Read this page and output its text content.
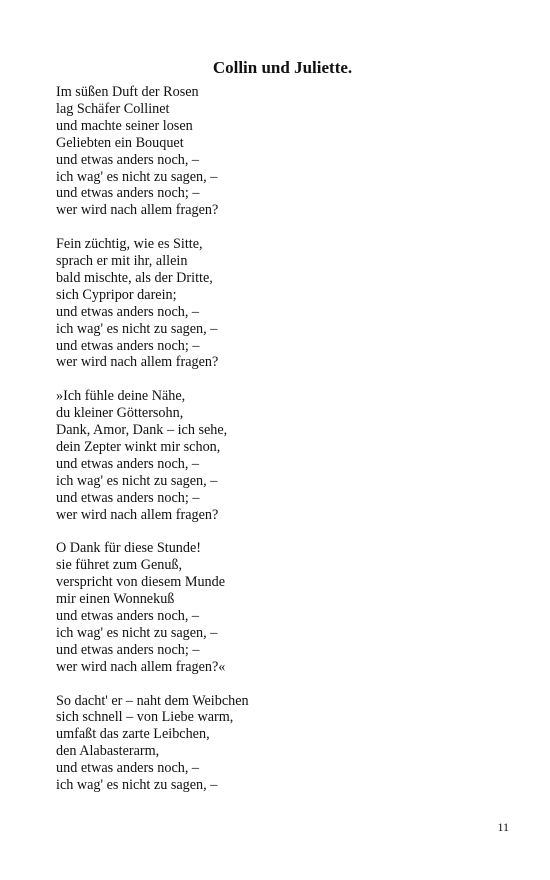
Collin und Juliette.
Im süßen Duft der Rosen
lag Schäfer Collinet
und machte seiner losen
Geliebten ein Bouquet
und etwas anders noch, –
ich wag' es nicht zu sagen, –
und etwas anders noch; –
wer wird nach allem fragen?
Fein züchtig, wie es Sitte,
sprach er mit ihr, allein
bald mischte, als der Dritte,
sich Cypripor darein;
und etwas anders noch, –
ich wag' es nicht zu sagen, –
und etwas anders noch; –
wer wird nach allem fragen?
»Ich fühle deine Nähe,
du kleiner Göttersohn,
Dank, Amor, Dank – ich sehe,
dein Zepter winkt mir schon,
und etwas anders noch, –
ich wag' es nicht zu sagen, –
und etwas anders noch; –
wer wird nach allem fragen?
O Dank für diese Stunde!
sie führet zum Genuß,
verspricht von diesem Munde
mir einen Wonnekuß
und etwas anders noch, –
ich wag' es nicht zu sagen, –
und etwas anders noch; –
wer wird nach allem fragen?«
So dacht' er – naht dem Weibchen
sich schnell – von Liebe warm,
umfaßt das zarte Leibchen,
den Alabasterarm,
und etwas anders noch, –
ich wag' es nicht zu sagen, –
11
